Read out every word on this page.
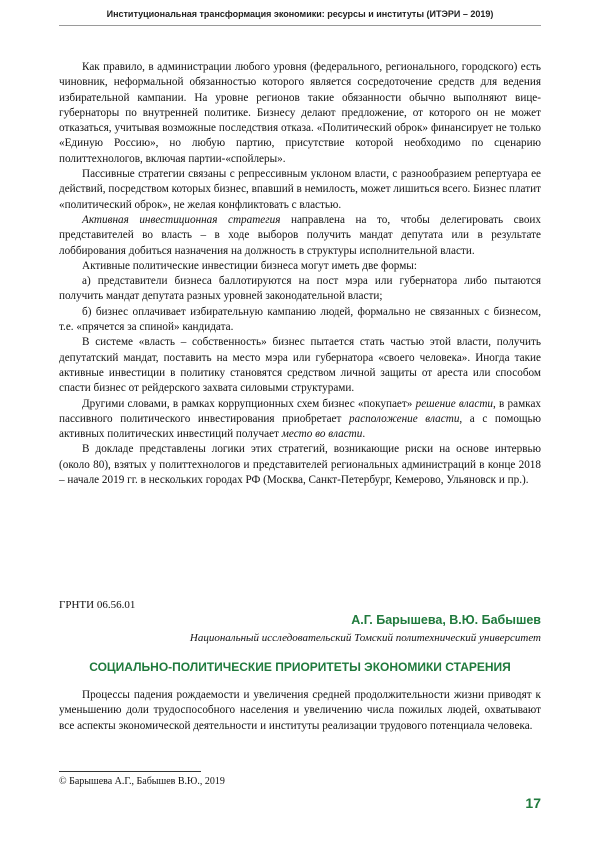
Институциональная трансформация экономики: ресурсы и институты (ИТЭРИ – 2019)

Как правило, в администрации любого уровня (федерального, регионального, городского) есть чиновник, неформальной обязанностью которого является сосредоточение средств для ведения избирательной кампании. На уровне регионов такие обязанности обычно выполняют вице-губернаторы по внутренней политике. Бизнесу делают предложение, от которого он не может отказаться, учитывая возможные последствия отказа. «Политический оброк» финансирует не только «Единую Россию», но любую партию, присутствие которой необходимо по сценарию политтехнологов, включая партии-«спойлеры».

Пассивные стратегии связаны с репрессивным уклоном власти, с разнообразием репертуара ее действий, посредством которых бизнес, впавший в немилость, может лишиться всего. Бизнес платит «политический оброк», не желая конфликтовать с властью.

Активная инвестиционная стратегия направлена на то, чтобы делегировать своих представителей во власть – в ходе выборов получить мандат депутата или в результате лоббирования добиться назначения на должность в структуры исполнительной власти.

Активные политические инвестиции бизнеса могут иметь две формы:

а) представители бизнеса баллотируются на пост мэра или губернатора либо пытаются получить мандат депутата разных уровней законодательной власти;

б) бизнес оплачивает избирательную кампанию людей, формально не связанных с бизнесом, т.е. «прячется за спиной» кандидата.

В системе «власть – собственность» бизнес пытается стать частью этой власти, получить депутатский мандат, поставить на место мэра или губернатора «своего человека». Иногда такие активные инвестиции в политику становятся средством личной защиты от ареста или способом спасти бизнес от рейдерского захвата силовыми структурами.

Другими словами, в рамках коррупционных схем бизнес «покупает» решение власти, в рамках пассивного политического инвестирования приобретает расположение власти, а с помощью активных политических инвестиций получает место во власти.

В докладе представлены логики этих стратегий, возникающие риски на основе интервью (около 80), взятых у политтехнологов и представителей региональных администраций в конце 2018 – начале 2019 гг. в нескольких городах РФ (Москва, Санкт-Петербург, Кемерово, Ульяновск и пр.).

ГРНТИ 06.56.01
А.Г. Барышева, В.Ю. Бабышев
Национальный исследовательский Томский политехнический университет
СОЦИАЛЬНО-ПОЛИТИЧЕСКИЕ ПРИОРИТЕТЫ ЭКОНОМИКИ СТАРЕНИЯ

Процессы падения рождаемости и увеличения средней продолжительности жизни приводят к уменьшению доли трудоспособного населения и увеличению числа пожилых людей, охватывают все аспекты экономической деятельности и институты реализации трудового потенциала человека.

© Барышева А.Г., Бабышев В.Ю., 2019
17
